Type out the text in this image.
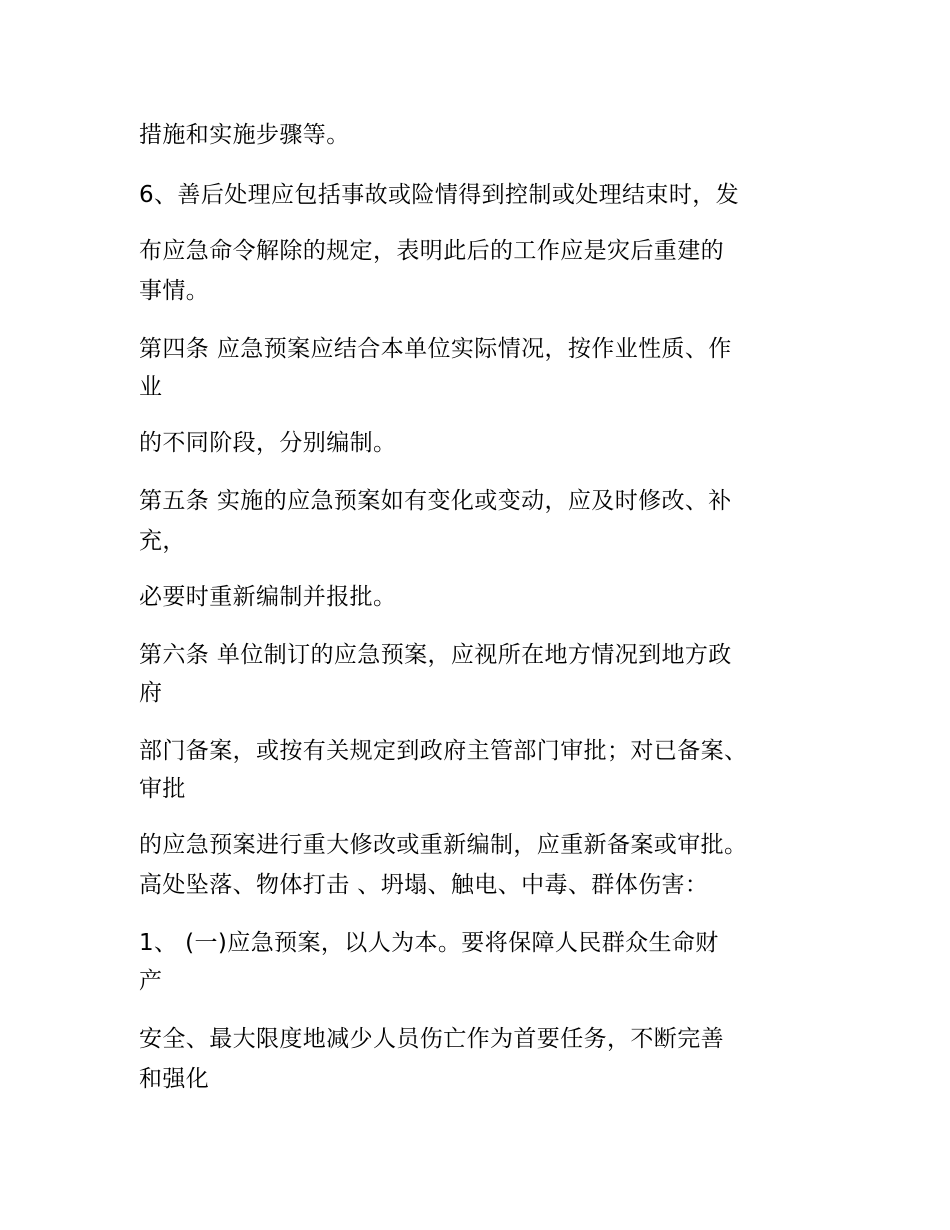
措施和实施步骤等。

6、善后处理应包括事故或险情得到控制或处理结束时，发

布应急命令解除的规定，表明此后的工作应是灾后重建的

事情。

第四条 应急预案应结合本单位实际情况，按作业性质、作

业

的不同阶段，分别编制。

第五条 实施的应急预案如有变化或变动，应及时修改、补

充，

必要时重新编制并报批。

第六条 单位制订的应急预案，应视所在地方情况到地方政

府

部门备案，或按有关规定到政府主管部门审批；对已备案、

审批

的应急预案进行重大修改或重新编制，应重新备案或审批。

高处坠落、物体打击 、坍塌、触电、中毒、群体伤害：

1、 (一)应急预案，以人为本。要将保障人民群众生命财

产

安全、最大限度地减少人员伤亡作为首要任务，不断完善

和强化
